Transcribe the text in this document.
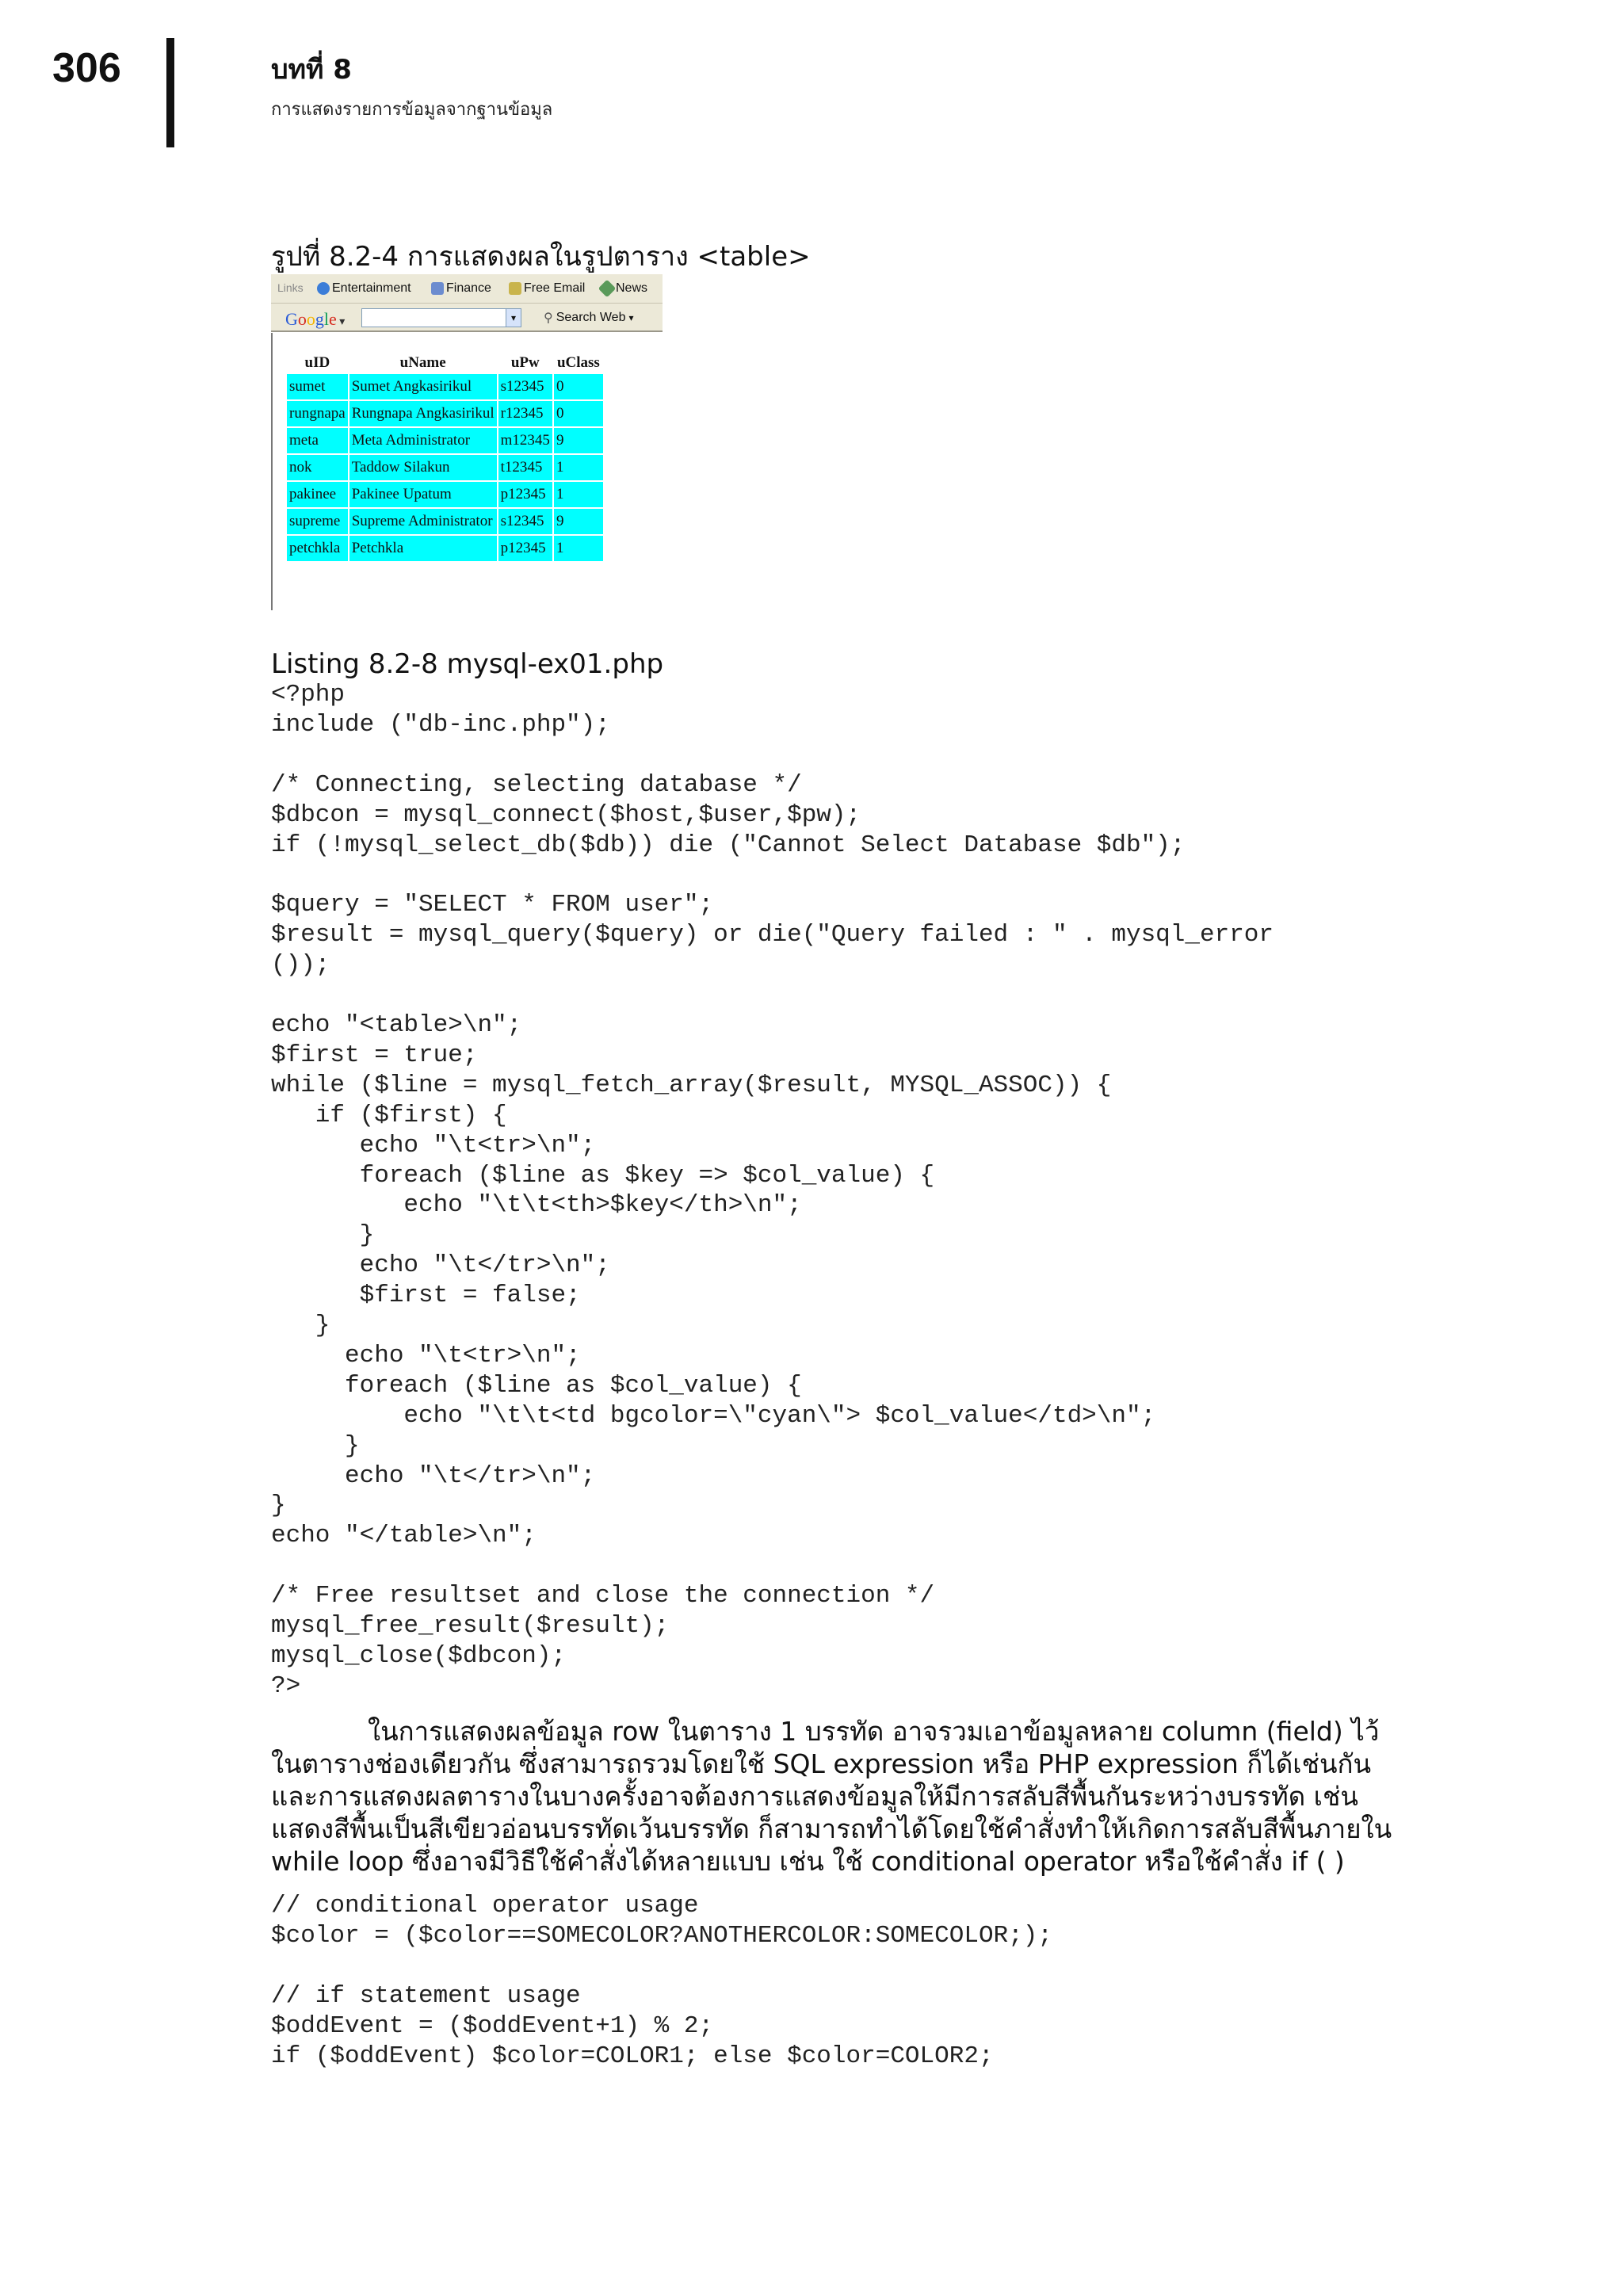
306	บทที่ 8
การแสดงรายการข้อมูลจากฐานข้อมูล
รูปที่ 8.2-4 การแสดงผลในรูปตาราง <table>
Links Entertainment	Finance	Free Email News
Google ▾	▾	⚲ Search Web ▾
uID	uName	uPw	uClass
sumet	Sumet Angkasirikul	s12345	0
rungnapa	Rungnapa Angkasirikul	r12345	0
meta	Meta Administrator	m12345	9
nok	Taddow Silakun	t12345	1
pakinee	Pakinee Upatum	p12345	1
supreme	Supreme Administrator	s12345	9
petchkla	Petchkla	p12345	1
Listing 8.2-8 mysql-ex01.php
<?php
include ("db-inc.php");

/* Connecting, selecting database */
$dbcon = mysql_connect($host,$user,$pw);
if (!mysql_select_db($db)) die ("Cannot Select Database $db");

$query = "SELECT * FROM user";
$result = mysql_query($query) or die("Query failed : " . mysql_error
());

echo "<table>\n";
$first = true;
while ($line = mysql_fetch_array($result, MYSQL_ASSOC)) {
if ($first) {
echo "\t<tr>\n";
foreach ($line as $key => $col_value) {
echo "\t\t<th>$key</th>\n";
}
echo "\t</tr>\n";
$first = false;
}
echo "\t<tr>\n";
foreach ($line as $col_value) {
echo "\t\t<td bgcolor=\"cyan\"> $col_value</td>\n";
}
echo "\t</tr>\n";
}
echo "</table>\n";

/* Free resultset and close the connection */
mysql_free_result($result);
mysql_close($dbcon);
?>

ในการแสดงผลข้อมูล row ในตาราง 1 บรรทัด อาจรวมเอาข้อมูลหลาย column (field) ไว้

ในตารางช่องเดียวกัน ซึ่งสามารถรวมโดยใช้ SQL expression หรือ PHP expression ก็ได้เช่นกัน

และการแสดงผลตารางในบางครั้งอาจต้องการแสดงข้อมูลให้มีการสลับสีพื้นกันระหว่างบรรทัด เช่น

แสดงสีพื้นเป็นสีเขียวอ่อนบรรทัดเว้นบรรทัด ก็สามารถทำได้โดยใช้คำสั่งทำให้เกิดการสลับสีพื้นภายใน

while loop ซึ่งอาจมีวิธีใช้คำสั่งได้หลายแบบ เช่น ใช้ conditional operator หรือใช้คำสั่ง if ( )

// conditional operator usage
$color = ($color==SOMECOLOR?ANOTHERCOLOR:SOMECOLOR;);

// if statement usage
$oddEvent = ($oddEvent+1) % 2;
if ($oddEvent) $color=COLOR1; else $color=COLOR2;
